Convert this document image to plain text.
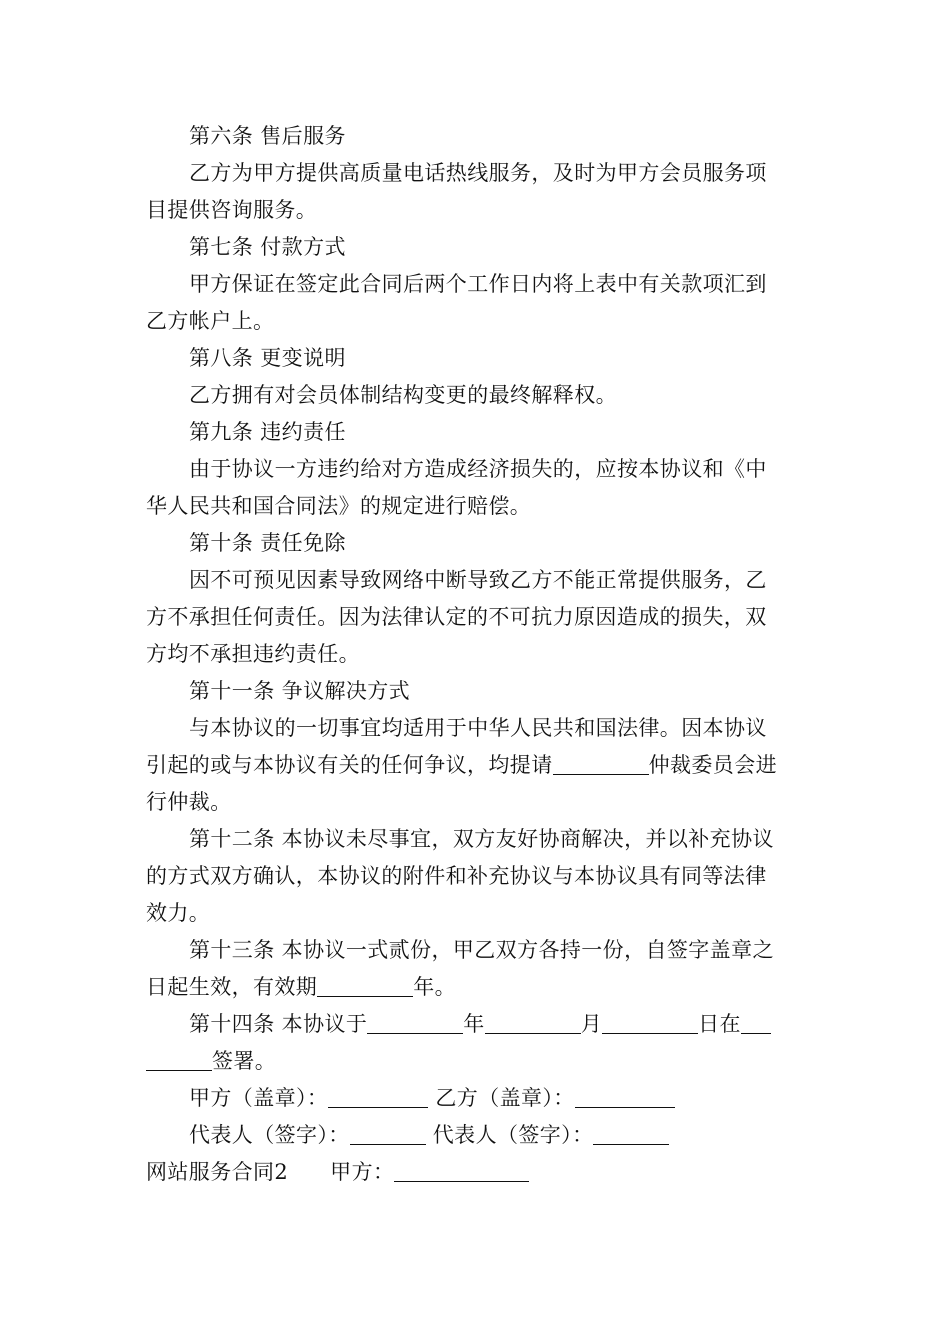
第六条 售后服务
乙方为甲方提供高质量电话热线服务，及时为甲方会员服务项
目提供咨询服务。
第七条 付款方式
甲方保证在签定此合同后两个工作日内将上表中有关款项汇到
乙方帐户上。
第八条 更变说明
乙方拥有对会员体制结构变更的最终解释权。
第九条 违约责任
由于协议一方违约给对方造成经济损失的，应按本协议和《中
华人民共和国合同法》的规定进行赔偿。
第十条 责任免除
因不可预见因素导致网络中断导致乙方不能正常提供服务，乙
方不承担任何责任。因为法律认定的不可抗力原因造成的损失，双
方均不承担违约责任。
第十一条 争议解决方式
与本协议的一切事宜均适用于中华人民共和国法律。因本协议
引起的或与本协议有关的任何争议，均提请	仲裁委员会进
行仲裁。
第十二条 本协议未尽事宜，双方友好协商解决，并以补充协议
的方式双方确认，本协议的附件和补充协议与本协议具有同等法律
效力。
第十三条 本协议一式贰份，甲乙双方各持一份，自签字盖章之
日起生效，有效期	年。
第十四条 本协议于	年	月	日在
签署。
甲方（盖章）：	乙方（盖章）：
代表人（签字）：	代表人（签字）：
网站服务合同2 甲方：
